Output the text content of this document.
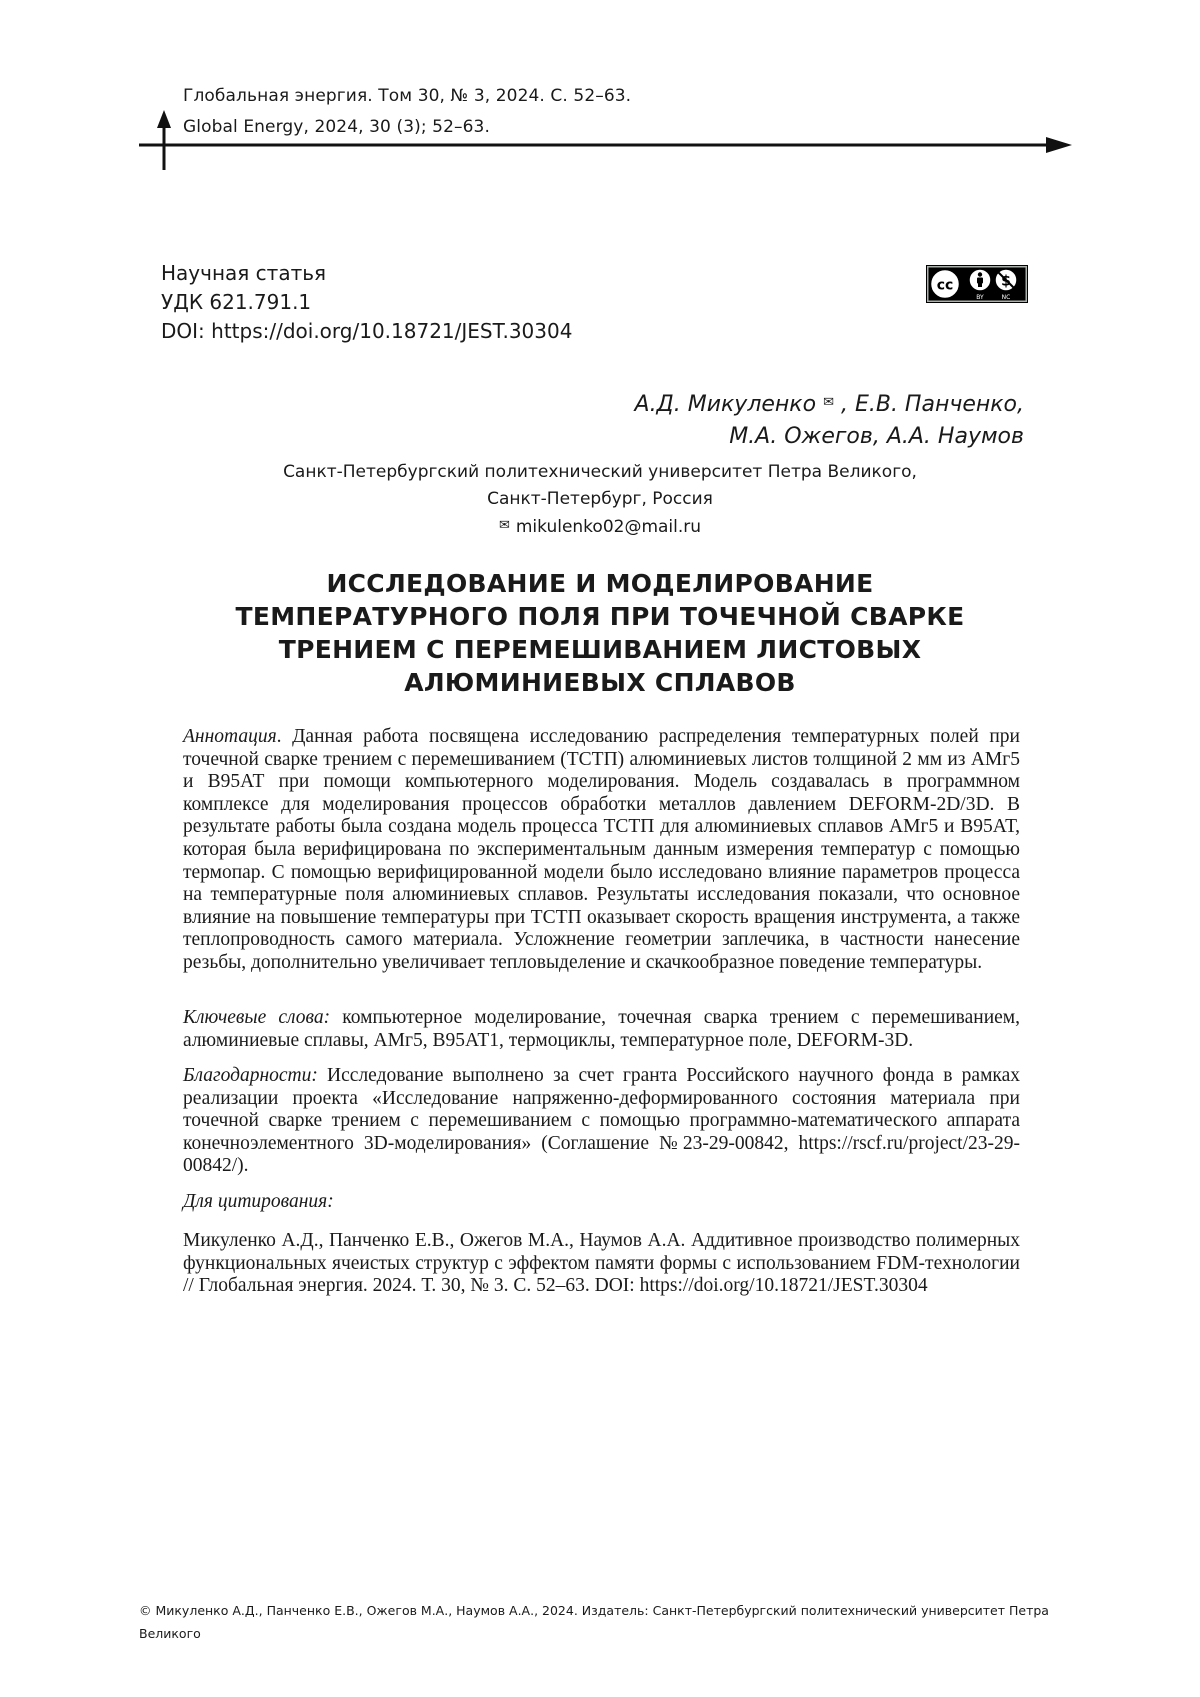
Глобальная энергия. Том 30, № 3, 2024. С. 52–63.
Global Energy, 2024, 30 (3); 52–63.
Научная статья
УДК 621.791.1
DOI: https://doi.org/10.18721/JEST.30304
cc	$
BY	NC
А.Д. Микуленко ✉ , Е.В. Панченко,
М.А. Ожегов, А.А. Наумов
Санкт-Петербургский политехнический университет Петра Великого,
Санкт-Петербург, Россия
✉ mikulenko02@mail.ru
ИССЛЕДОВАНИЕ И МОДЕЛИРОВАНИЕ
ТЕМПЕРАТУРНОГО ПОЛЯ ПРИ ТОЧЕЧНОЙ СВАРКЕ
ТРЕНИЕМ С ПЕРЕМЕШИВАНИЕМ ЛИСТОВЫХ
АЛЮМИНИЕВЫХ СПЛАВОВ
Аннотация. Данная работа посвящена исследованию распределения температурных полей при точечной сварке трением с перемешиванием (ТСТП) алюминиевых листов толщиной 2 мм из АМг5 и В95АТ при помощи компьютерного моделирования. Модель создавалась в программном комплексе для моделирования процессов обработки металлов давлением DEFORM-2D/3D. В результате работы была создана модель процесса ТСТП для алюминиевых сплавов АМг5 и В95АТ, которая была верифицирована по экспериментальным данным измерения температур с помощью термопар. С помощью верифицированной модели было исследовано влияние параметров процесса на температурные поля алюминиевых сплавов. Результаты исследования показали, что основное влияние на повышение температуры при ТСТП оказывает скорость вращения инструмента, а также теплопроводность самого материала. Усложнение геометрии заплечика, в частности нанесение резьбы, дополнительно увеличивает тепловыделение и скачкообразное поведение температуры.
Ключевые слова: компьютерное моделирование, точечная сварка трением с перемешиванием, алюминиевые сплавы, АМг5, В95АТ1, термоциклы, температурное поле, DEFORM-3D.
Благодарности: Исследование выполнено за счет гранта Российского научного фонда в рамках реализации проекта «Исследование напряженно-деформированного состояния материала при точечной сварке трением с перемешиванием с помощью программно-математического аппарата конечноэлементного 3D-моделирования» (Соглашение №23-29-00842, https://rscf.ru/project/23-29-00842/).
Для цитирования:
Микуленко А.Д., Панченко Е.В., Ожегов М.А., Наумов А.А. Аддитивное производство полимерных функциональных ячеистых структур с эффектом памяти формы с использованием FDM-технологии // Глобальная энергия. 2024. Т. 30, № 3. С. 52–63. DOI: https://doi.org/10.18721/JEST.30304
© Микуленко А.Д., Панченко Е.В., Ожегов М.А., Наумов А.А., 2024. Издатель: Санкт-Петербургский политехнический университет Петра Великого
